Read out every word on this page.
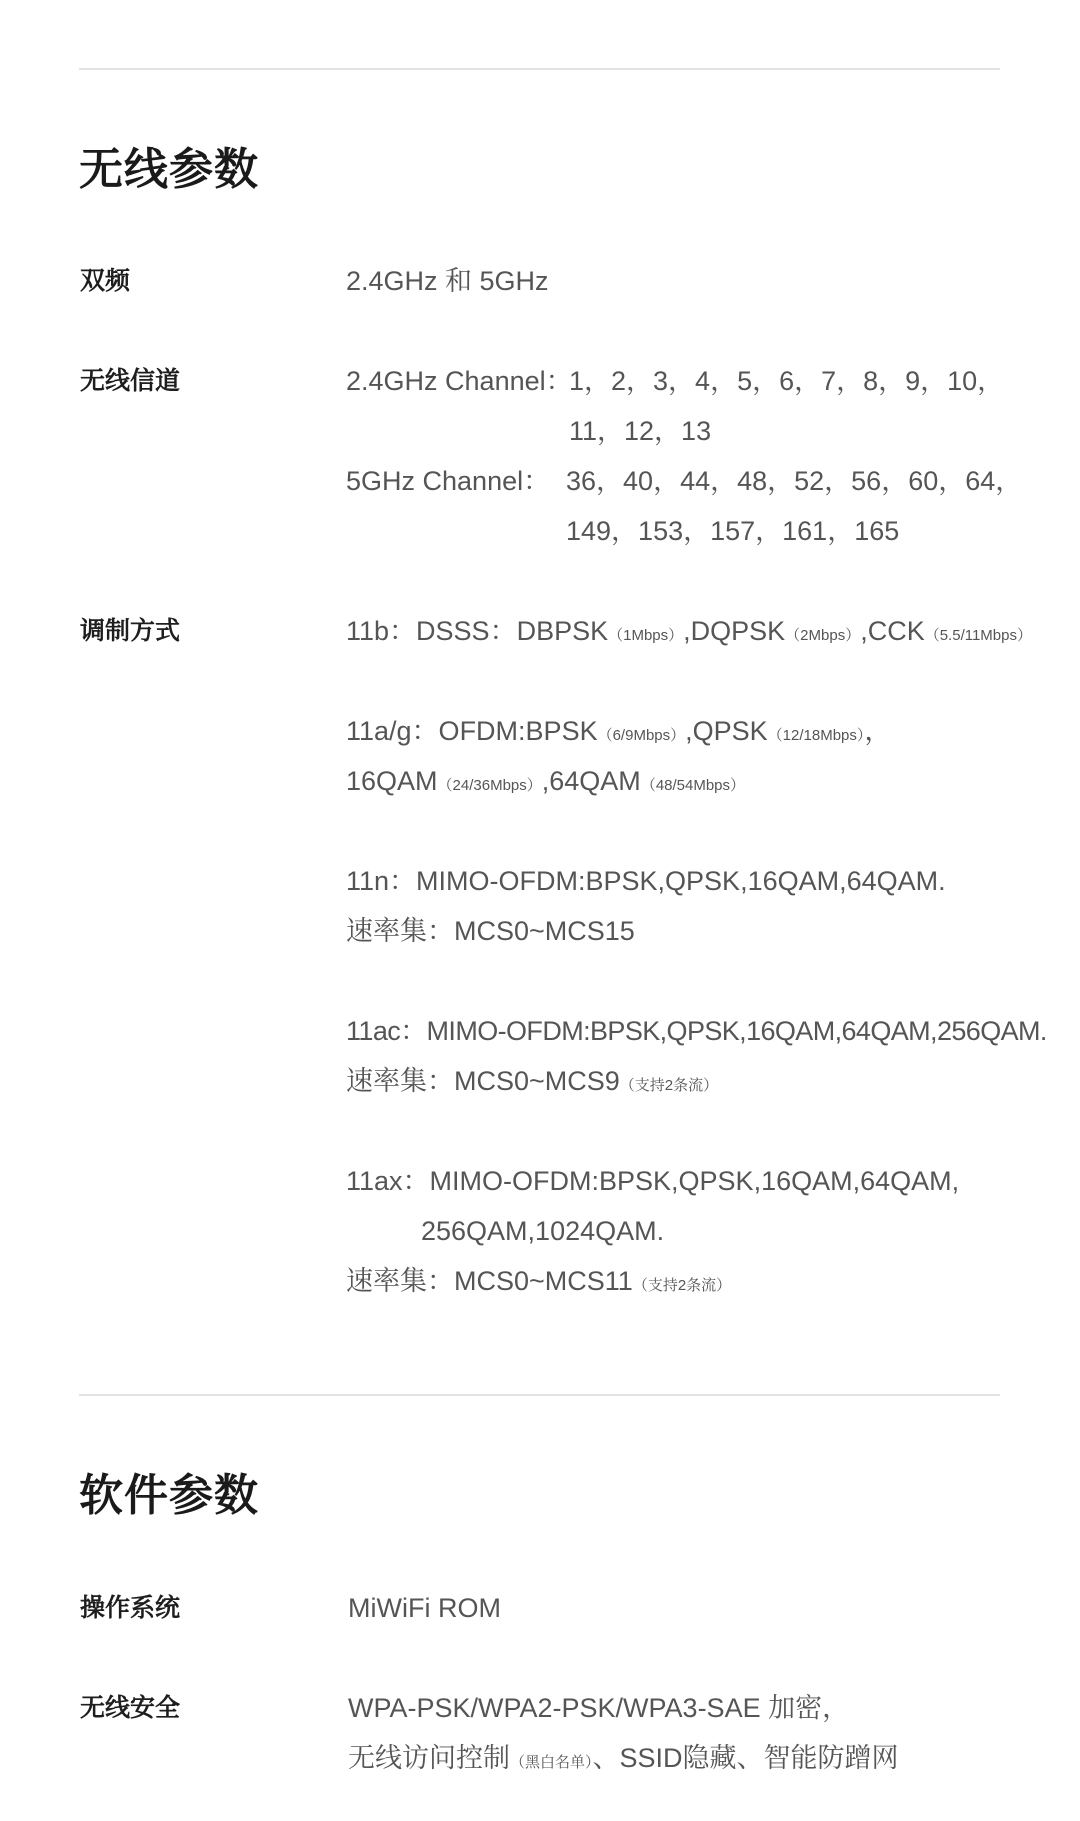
无线参数
双频	2.4GHz 和 5GHz
无线信道	2.4GHz Channel：
1，2，3，4，5，6，7，8，9，10，
11，12，13
5GHz Channel： 36，40，44，48，52，56，60，64，
149，153，157，161，165
调制方式	11b：DSSS：DBPSK（1Mbps）,DQPSK（2Mbps）,CCK（5.5/11Mbps）
11a/g：OFDM:BPSK（6/9Mbps）,QPSK（12/18Mbps），
16QAM（24/36Mbps）,64QAM（48/54Mbps）
11n：MIMO-OFDM:BPSK,QPSK,16QAM,64QAM.
速率集：MCS0~MCS15
11ac：MIMO-OFDM:BPSK,QPSK,16QAM,64QAM,256QAM.
速率集：MCS0~MCS9（支持2条流）
11ax：MIMO-OFDM:BPSK,QPSK,16QAM,64QAM,
256QAM,1024QAM.
速率集：MCS0~MCS11（支持2条流）
软件参数
操作系统	MiWiFi ROM
无线安全	WPA-PSK/WPA2-PSK/WPA3-SAE 加密，
无线访问控制（黑白名单）、SSID隐藏、智能防蹭网
